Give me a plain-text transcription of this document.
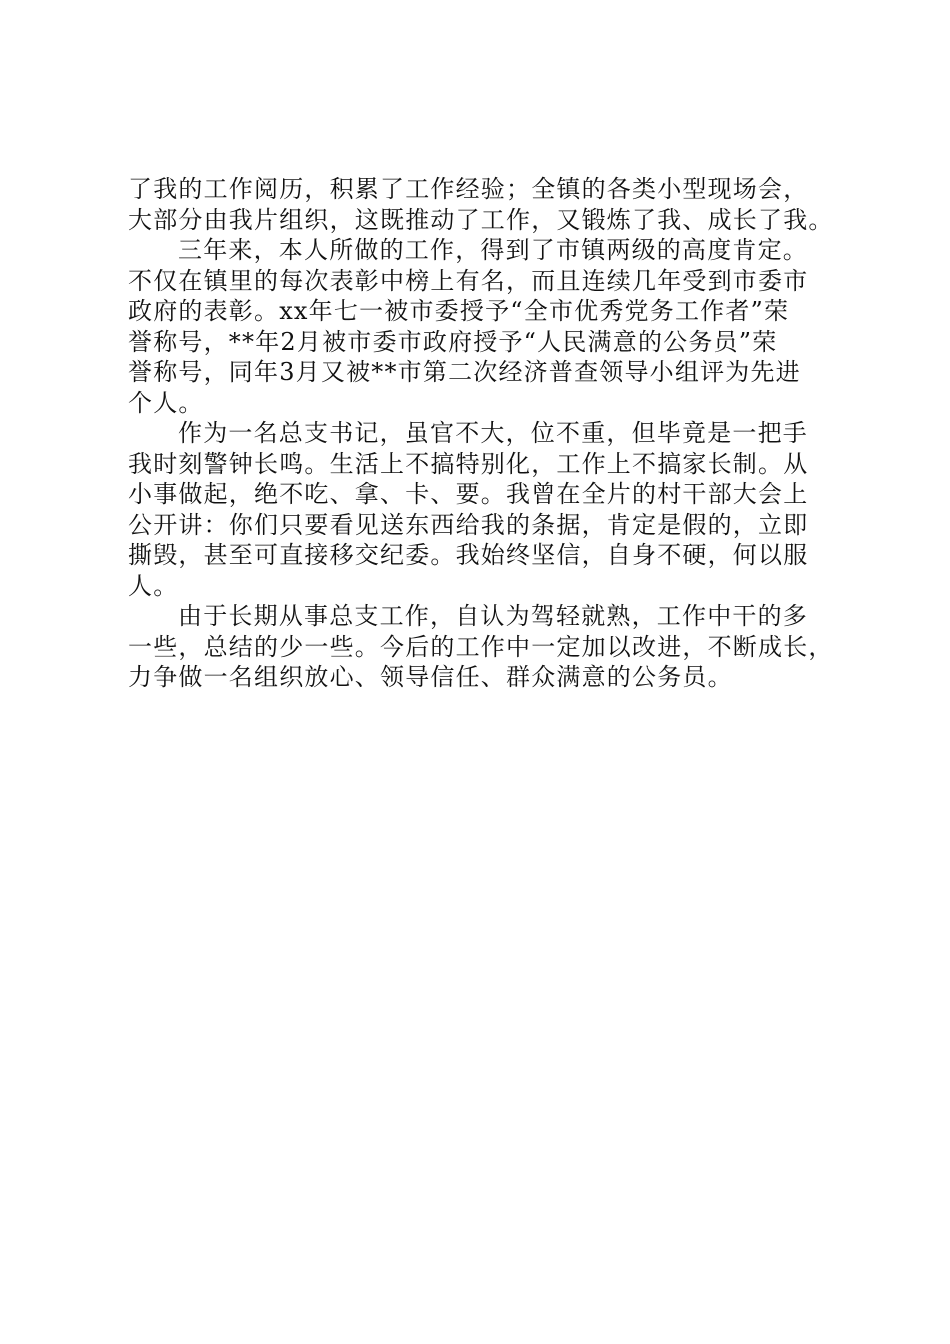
了我的工作阅历，积累了工作经验；全镇的各类小型现场会，
大部分由我片组织，这既推动了工作，又锻炼了我、成长了我。
三年来，本人所做的工作，得到了市镇两级的高度肯定。
不仅在镇里的每次表彰中榜上有名，而且连续几年受到市委市
政府的表彰。xx年七一被市委授予“全市优秀党务工作者”荣
誉称号，**年2月被市委市政府授予“人民满意的公务员”荣
誉称号，同年3月又被**市第二次经济普查领导小组评为先进
个人。
作为一名总支书记，虽官不大，位不重，但毕竟是一把手
我时刻警钟长鸣。生活上不搞特别化，工作上不搞家长制。从
小事做起，绝不吃、拿、卡、要。我曾在全片的村干部大会上
公开讲：你们只要看见送东西给我的条据，肯定是假的，立即
撕毁，甚至可直接移交纪委。我始终坚信，自身不硬，何以服
人。
由于长期从事总支工作，自认为驾轻就熟，工作中干的多
一些，总结的少一些。今后的工作中一定加以改进，不断成长，
力争做一名组织放心、领导信任、群众满意的公务员。
